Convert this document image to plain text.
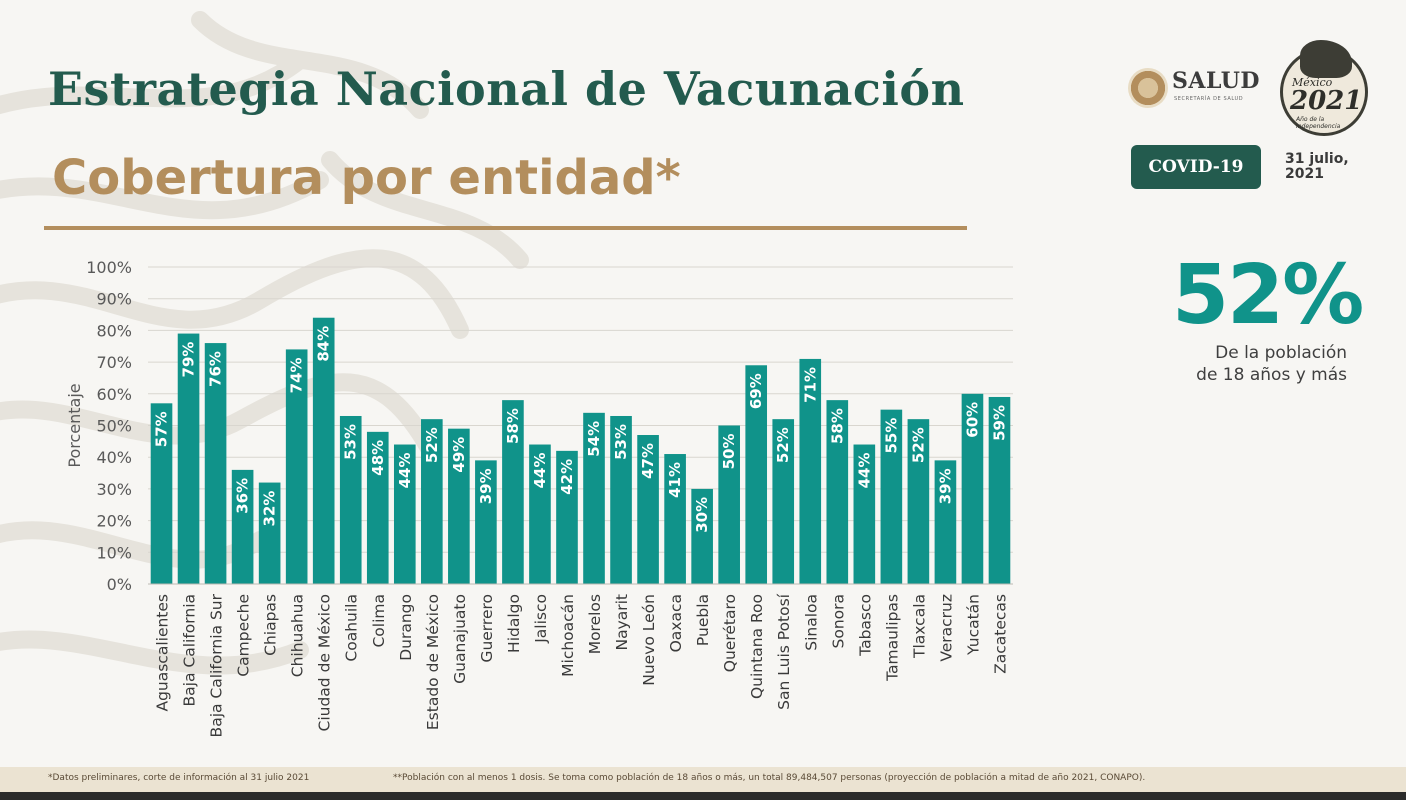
Estrategia Nacional de Vacunación
Cobertura por entidad*
SALUD
SECRETARÍA DE SALUD
México
2021
Año de la Independencia
COVID-19	31 julio,
2021
52%
De la población
de 18 años y más
0%
10%
20%
30%
40%
50%
60%
70%
80%
90%
100%
Porcentaje	57%
Aguascalientes
79%
Baja California
76%
Baja California Sur
36%
Campeche
32%
Chiapas
74%
Chihuahua
84%
Ciudad de México
53%
Coahuila
48%
Colima
44%
Durango
52%
Estado de México
49%
Guanajuato
39%
Guerrero
58%
Hidalgo
44%
Jalisco
42%
Michoacán
54%
Morelos
53%
Nayarit
47%
Nuevo León
41%
Oaxaca
30%
Puebla
50%
Querétaro
69%
Quintana Roo
52%
San Luis Potosí
71%
Sinaloa
58%
Sonora
44%
Tabasco
55%
Tamaulipas
52%
Tlaxcala
39%
Veracruz
60%
Yucatán
59%
Zacatecas
*Datos preliminares, corte de información al 31 julio 2021	**Población con al menos 1 dosis. Se toma como población de 18 años o más, un total 89,484,507 personas (proyección de población a mitad de año 2021, CONAPO).
